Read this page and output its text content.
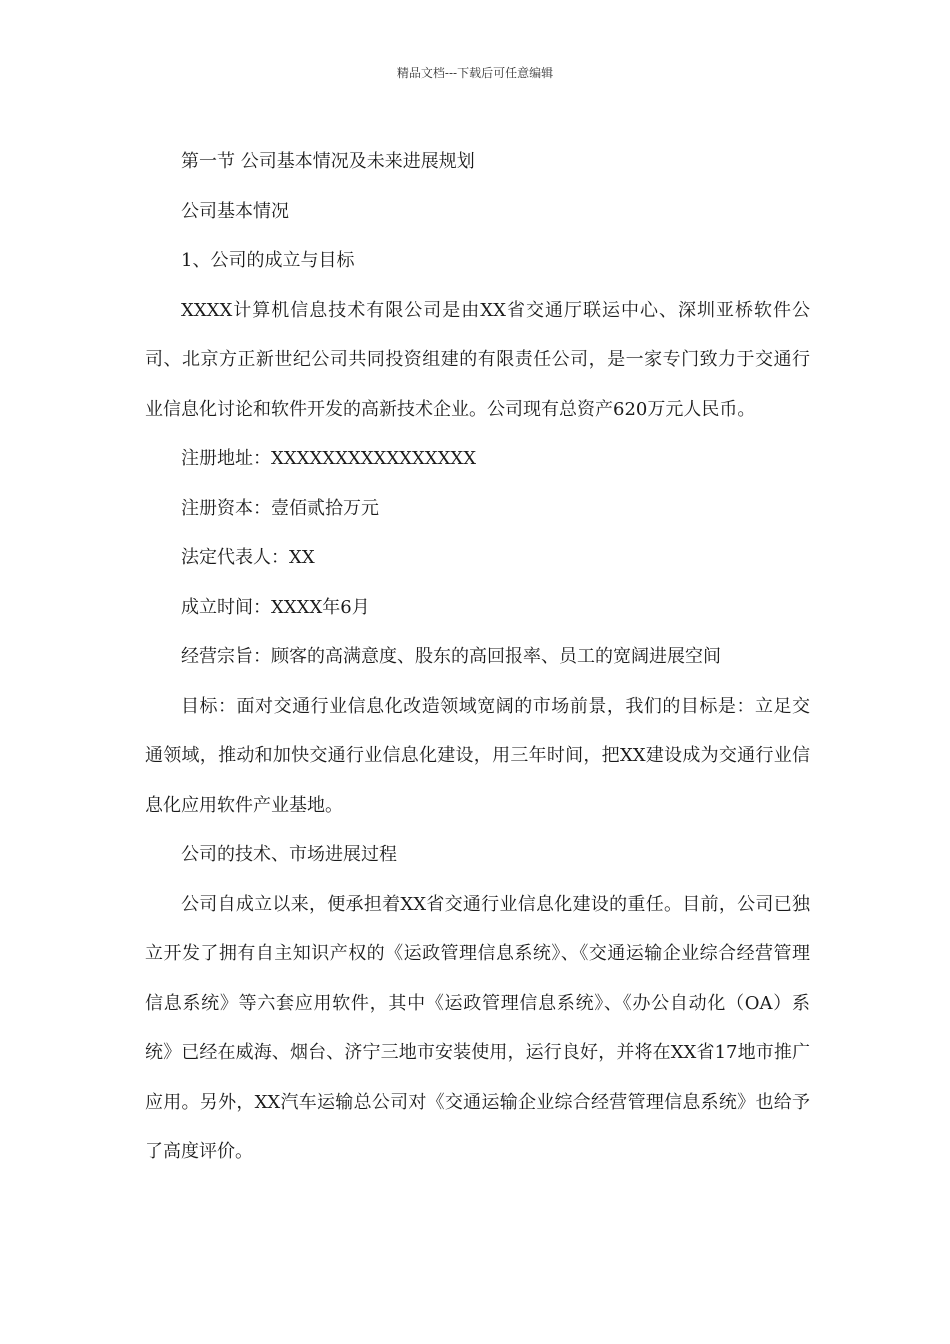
精品文档---下载后可任意编辑

第一节 公司基本情况及未来进展规划

公司基本情况

1、公司的成立与目标

XXXX计算机信息技术有限公司是由XX省交通厅联运中心、深圳亚桥软件公司、北京方正新世纪公司共同投资组建的有限责任公司，是一家专门致力于交通行业信息化讨论和软件开发的高新技术企业。公司现有总资产620万元人民币。

注册地址：XXXXXXXXXXXXXXXX

注册资本：壹佰贰拾万元

法定代表人：XX

成立时间：XXXX年6月

经营宗旨：顾客的高满意度、股东的高回报率、员工的宽阔进展空间

目标：面对交通行业信息化改造领域宽阔的市场前景，我们的目标是：立足交通领域，推动和加快交通行业信息化建设，用三年时间，把XX建设成为交通行业信息化应用软件产业基地。

公司的技术、市场进展过程

公司自成立以来，便承担着XX省交通行业信息化建设的重任。目前，公司已独立开发了拥有自主知识产权的《运政管理信息系统》、《交通运输企业综合经营管理信息系统》等六套应用软件，其中《运政管理信息系统》、《办公自动化（OA）系统》已经在威海、烟台、济宁三地市安装使用，运行良好，并将在XX省17地市推广应用。另外，XX汽车运输总公司对《交通运输企业综合经营管理信息系统》也给予了高度评价。
